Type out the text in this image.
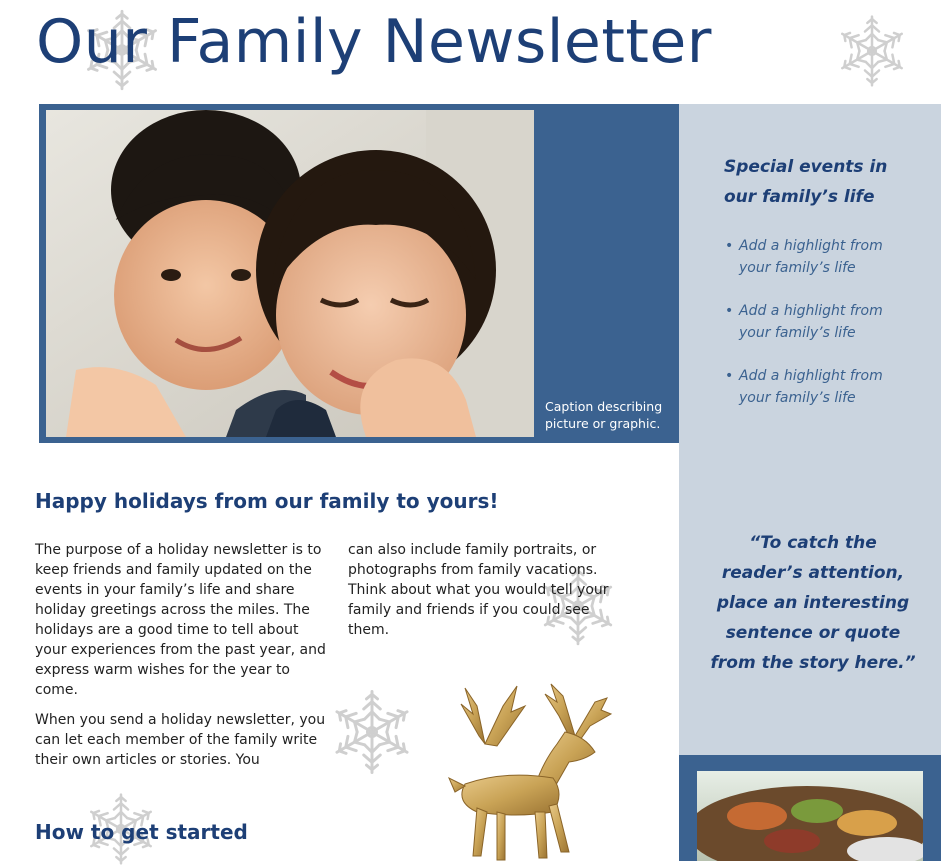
Our Family Newsletter
Caption describing picture or graphic.
Special events in our family’s life
• Add a highlight from your family’s life
• Add a highlight from your family’s life
• Add a highlight from your family’s life

“To catch the reader’s attention, place an interesting sentence or quote from the story here.”

Happy holidays from our family to yours!

The purpose of a holiday newsletter is to keep friends and family updated on the events in your family’s life and share holiday greetings across the miles. The holidays are a good time to tell about your experiences from the past year, and express warm wishes for the year to come.

When you send a holiday newsletter, you can let each member of the family write their own articles or stories. You

can also include family portraits, or photographs from family vacations. Think about what you would tell your family and friends if you could see them.

How to get started
